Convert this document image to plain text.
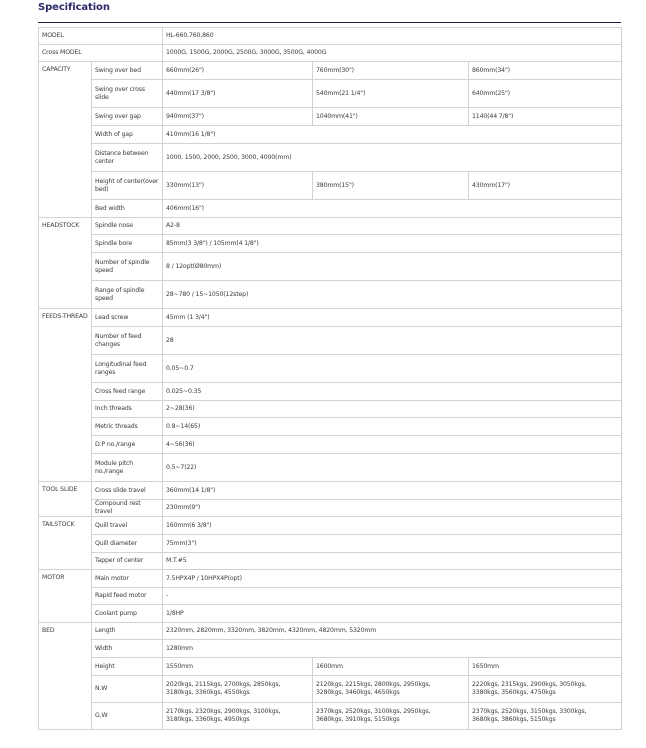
Specification
MODEL		HL-660,760,860		
Cross MODEL		1000G, 1500G, 2000G, 2500G, 3000G, 3500G, 4000G		
CAPACITY	Swing over bed	660mm(26")	760mm(30")	860mm(34")
	Swing over cross slide	440mm(17 3/8")	540mm(21 1/4")	640mm(25")
	Swing over gap	940mm(37")	1040mm(41")	1140(44 7/8")
	Width of gap	410mm(16 1/8")		
	Distance between center	1000, 1500, 2000, 2500, 3000, 4000(mm)		
	Height of center(over bed)	330mm(13")	380mm(15")	430mm(17")
	Bed width	406mm(16")		
HEADSTOCK	Spindle nose	A2-8		
	Spindle bore	85mm(3 3/8") / 105mm(4 1/8")		
	Number of spindle speed	8 / 12opt(Ø80mm)		
	Range of spindle speed	28~780 / 15~1050(12step)		
FEEDS-THREAD	Lead screw	45mm (1 3/4")		
	Number of feed changes	28		
	Longitudinal feed ranges	0.05~0.7		
	Cross feed range	0.025~0.35		
	Inch threads	2~28(36)		
	Metric threads	0.8~14(65)		
	D.P no./range	4~56(36)		
	Module pitch no./range	0.5~7(22)		
TOOL SLIDE	Cross slide travel	360mm(14 1/8")		
	Compound rest travel	230mm(9")		
TAILSTOCK	Quill travel	160mm(6 3/8")		
	Quill diameter	75mm(3")		
	Tapper of center	M.T.#5		
MOTOR	Main motor	7.5HPX4P / 10HPX4P(opt)		
	Rapid feed motor	-		
	Coolant pump	1/8HP		
BED	Length	2320mm, 2820mm, 3320mm, 3820mm, 4320mm, 4820mm, 5320mm		
	Width	1280mm		
	Height	1550mm	1600mm	1650mm
	N.W	2020kgs, 2115kgs, 2700kgs, 2850kgs,
3180kgs, 3360kgs, 4550kgs	2120kgs, 2215kgs, 2800kgs, 2950kgs,
3280kgs, 3460kgs, 4650kgs	2220kgs, 2315kgs, 2900kgs, 3050kgs,
3380kgs, 3560kgs, 4750kgs

	G.W	2170kgs, 2320kgs, 2900kgs, 3100kgs,
3180kgs, 3360kgs, 4950kgs	2370kgs, 2520kgs, 3100kgs, 2950kgs,
3680kgs, 3910kgs, 5150kgs	2370kgs, 2520kgs, 3150kgs, 3300kgs,
3680kgs, 3860kgs, 5150kgs
